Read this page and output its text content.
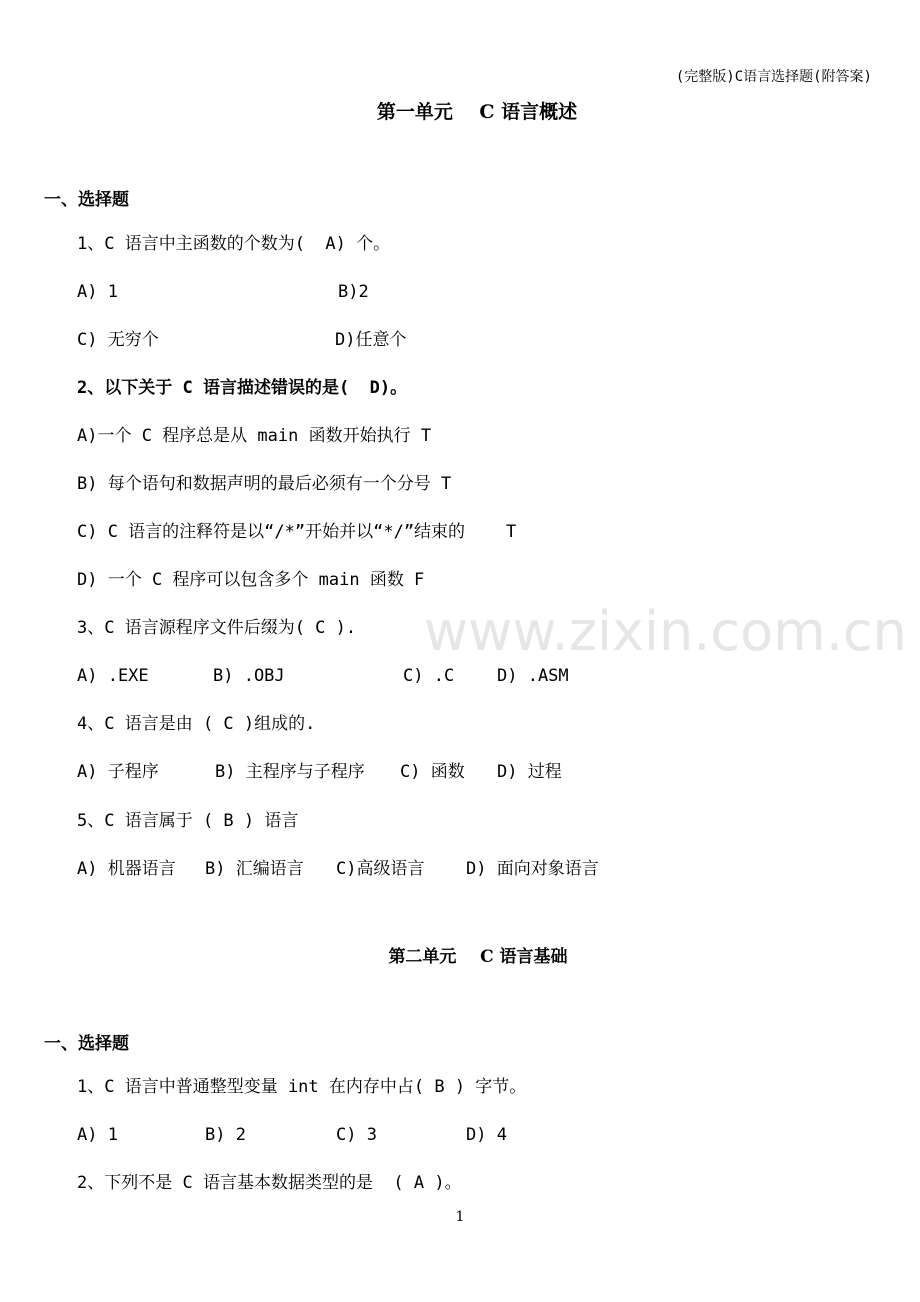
www.zixin.com.cn
(完整版)C语言选择题(附答案)
第一单元    C 语言概述
一、选择题
1、C 语言中主函数的个数为(  A) 个。
A) 1	B)2
C) 无穷个	D)任意个
2、以下关于 C 语言描述错误的是(  D)。
A)一个 C 程序总是从 main 函数开始执行 T
B) 每个语句和数据声明的最后必须有一个分号 T
C) C 语言的注释符是以“/*”开始并以“*/”结束的    T
D) 一个 C 程序可以包含多个 main 函数 F
3、C 语言源程序文件后缀为( C ).
A) .EXE	B) .OBJ	C) .C	D) .ASM
4、C 语言是由 ( C )组成的.
A) 子程序	B) 主程序与子程序 C) 函数 D) 过程
5、C 语言属于 ( B ) 语言
A) 机器语言 B) 汇编语言 C)高级语言 D) 面向对象语言
第二单元    C 语言基础
一、选择题
1、C 语言中普通整型变量 int 在内存中占( B ) 字节。
A) 1	B) 2	C) 3	D) 4
2、下列不是 C 语言基本数据类型的是  ( A )。
1
